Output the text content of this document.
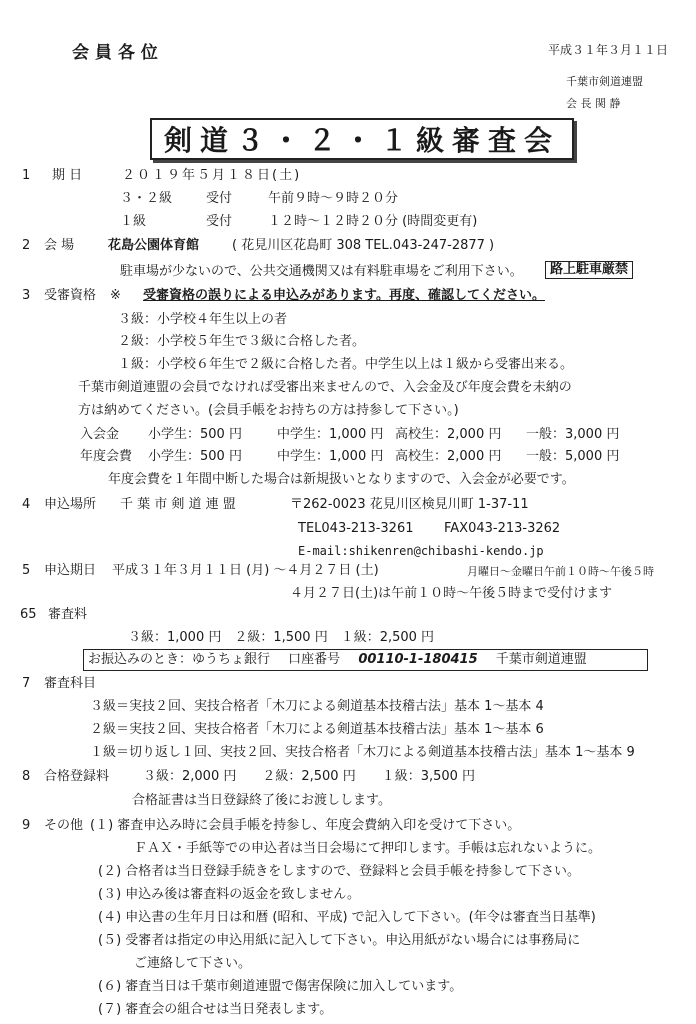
会 員 各 位	平成３１年３月１１日
千葉市剣道連盟
会 長 関 静
剣道３・２・１級審査会
1 期 日	２０１９年５月１８日(土)
３・２級	受付	午前９時～９時２０分
１級	受付	１２時～１２時２０分 (時間変更有)
2 会 場	花島公園体育館	( 花見川区花島町 308 TEL.043-247-2877 )
駐車場が少ないので、公共交通機関又は有料駐車場をご利用下さい。	路上駐車厳禁
3 受審資格 ※ 受審資格の誤りによる申込みがあります。再度、確認してください。
３級：小学校４年生以上の者
２級：小学校５年生で３級に合格した者。
１級：小学校６年生で２級に合格した者。中学生以上は１級から受審出来る。
千葉市剣道連盟の会員でなければ受審出来ませんので、入会金及び年度会費を未納の
方は納めてください。(会員手帳をお持ちの方は持参して下さい。)
入会金 小学生：500 円	中学生：1,000 円 高校生：2,000 円 一般：3,000 円
年度会費 小学生：500 円	中学生：1,000 円 高校生：2,000 円 一般：5,000 円
年度会費を１年間中断した場合は新規扱いとなりますので、入会金が必要です。
4 申込場所 千 葉 市 剣 道 連 盟	〒262-0023 花見川区検見川町 1-37-11
TEL043-213-3261 FAX043-213-3262
E-mail:shikenren@chibashi-kendo.jp
5 申込期日 平成３１年３月１１日 (月) ～４月２７日 (土)	月曜日～金曜日午前１０時～午後５時
４月２７日(土)は午前１０時～午後５時まで受付けます
65 審査料
３級：1,000 円　２級：1,500 円　１級：2,500 円
お振込みのとき：ゆうちょ銀行 口座番号 00110-1-180415 千葉市剣道連盟
7 審査科目
３級＝実技２回、実技合格者「木刀による剣道基本技稽古法」基本 1～基本 4
２級＝実技２回、実技合格者「木刀による剣道基本技稽古法」基本 1～基本 6
１級＝切り返し１回、実技２回、実技合格者「木刀による剣道基本技稽古法」基本 1～基本 9
8 合格登録料	３級：2,000 円　　２級：2,500 円　　１級：3,500 円
合格証書は当日登録終了後にお渡しします。
9 その他 (１) 審査申込み時に会員手帳を持参し、年度会費納入印を受けて下さい。
ＦＡＸ・手紙等での申込者は当日会場にて押印します。手帳は忘れないように。
(２) 合格者は当日登録手続きをしますので、登録料と会員手帳を持参して下さい。
(３) 申込み後は審査料の返金を致しません。
(４) 申込書の生年月日は和暦 (昭和、平成) で記入して下さい。(年令は審査当日基準)
(５) 受審者は指定の申込用紙に記入して下さい。申込用紙がない場合には事務局に
ご連絡して下さい。
(６) 審査当日は千葉市剣道連盟で傷害保険に加入しています。
(７) 審査会の組合せは当日発表します。
